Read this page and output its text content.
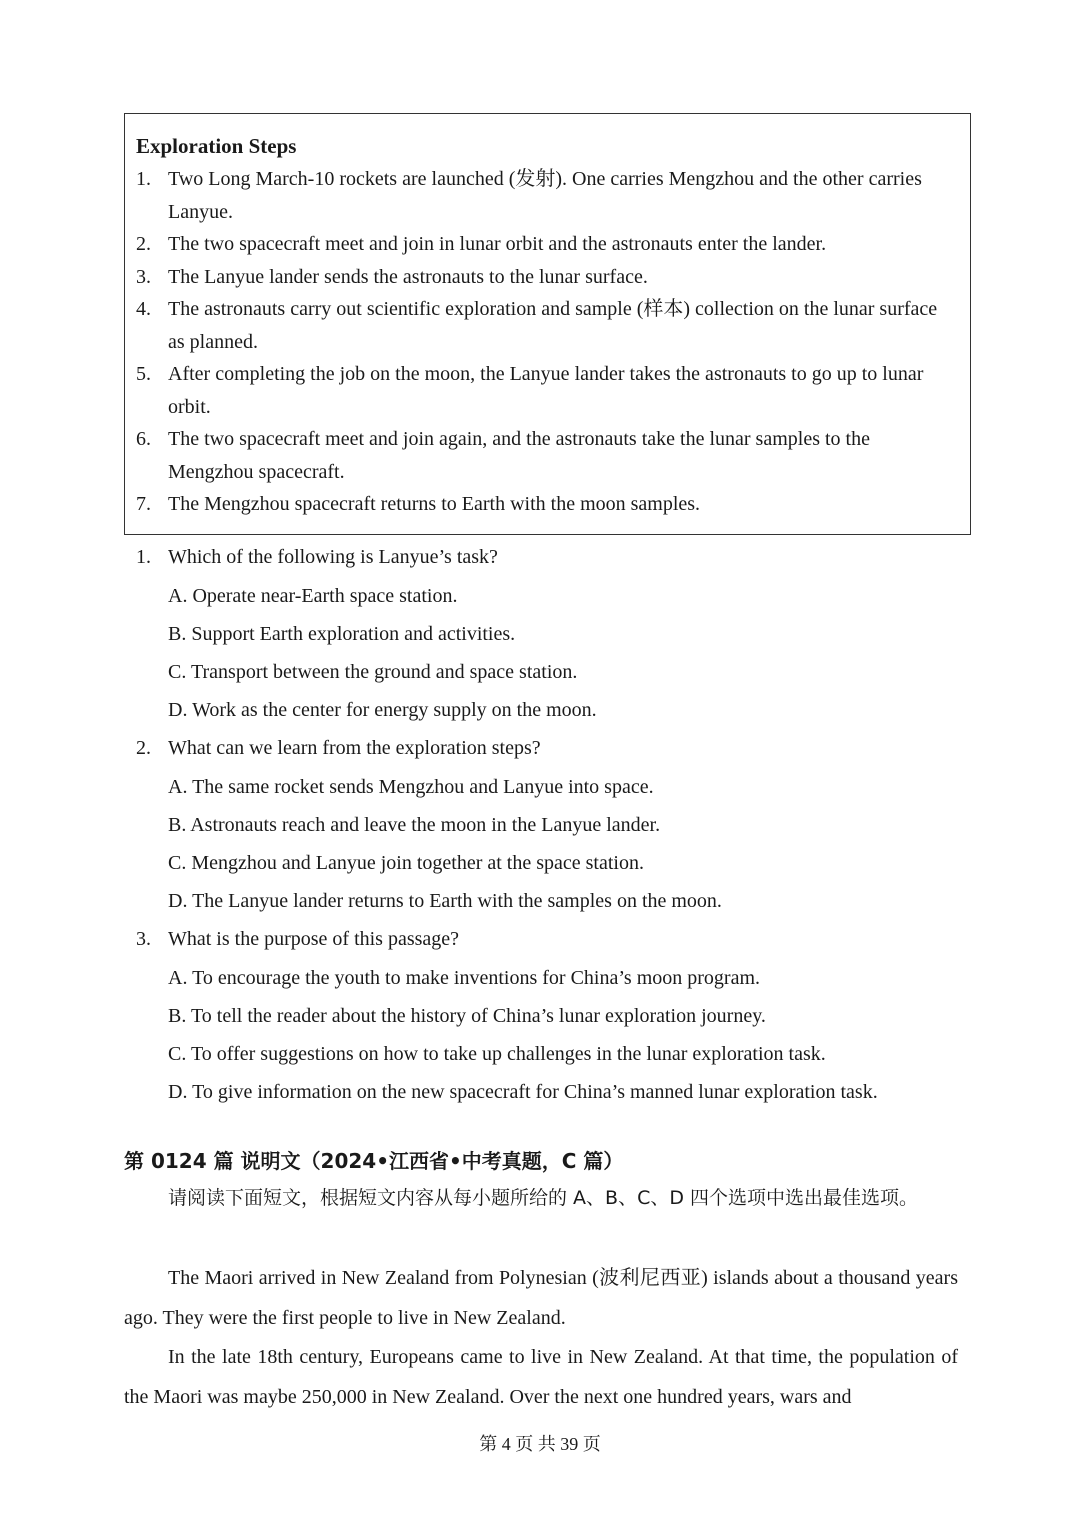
Exploration Steps
1. Two Long March-10 rockets are launched (发射). One carries Mengzhou and the other carries Lanyue.
2. The two spacecraft meet and join in lunar orbit and the astronauts enter the lander.
3. The Lanyue lander sends the astronauts to the lunar surface.
4. The astronauts carry out scientific exploration and sample (样本) collection on the lunar surface as planned.
5. After completing the job on the moon, the Lanyue lander takes the astronauts to go up to lunar orbit.
6. The two spacecraft meet and join again, and the astronauts take the lunar samples to the Mengzhou spacecraft.
7. The Mengzhou spacecraft returns to Earth with the moon samples.
1. Which of the following is Lanyue’s task?
A. Operate near-Earth space station.
B. Support Earth exploration and activities.
C. Transport between the ground and space station.
D. Work as the center for energy supply on the moon.
2. What can we learn from the exploration steps?
A. The same rocket sends Mengzhou and Lanyue into space.
B. Astronauts reach and leave the moon in the Lanyue lander.
C. Mengzhou and Lanyue join together at the space station.
D. The Lanyue lander returns to Earth with the samples on the moon.
3. What is the purpose of this passage?
A. To encourage the youth to make inventions for China’s moon program.
B. To tell the reader about the history of China’s lunar exploration journey.
C. To offer suggestions on how to take up challenges in the lunar exploration task.
D. To give information on the new spacecraft for China’s manned lunar exploration task.
第 0124 篇 说明文（2024•江西省•中考真题，C 篇）
请阅读下面短文，根据短文内容从每小题所给的 A、B、C、D 四个选项中选出最佳选项。
The Maori arrived in New Zealand from Polynesian (波利尼西亚) islands about a thousand years ago. They were the first people to live in New Zealand.
In the late 18th century, Europeans came to live in New Zealand. At that time, the population of the Maori was maybe 250,000 in New Zealand. Over the next one hundred years, wars and
第 4 页 共 39 页
